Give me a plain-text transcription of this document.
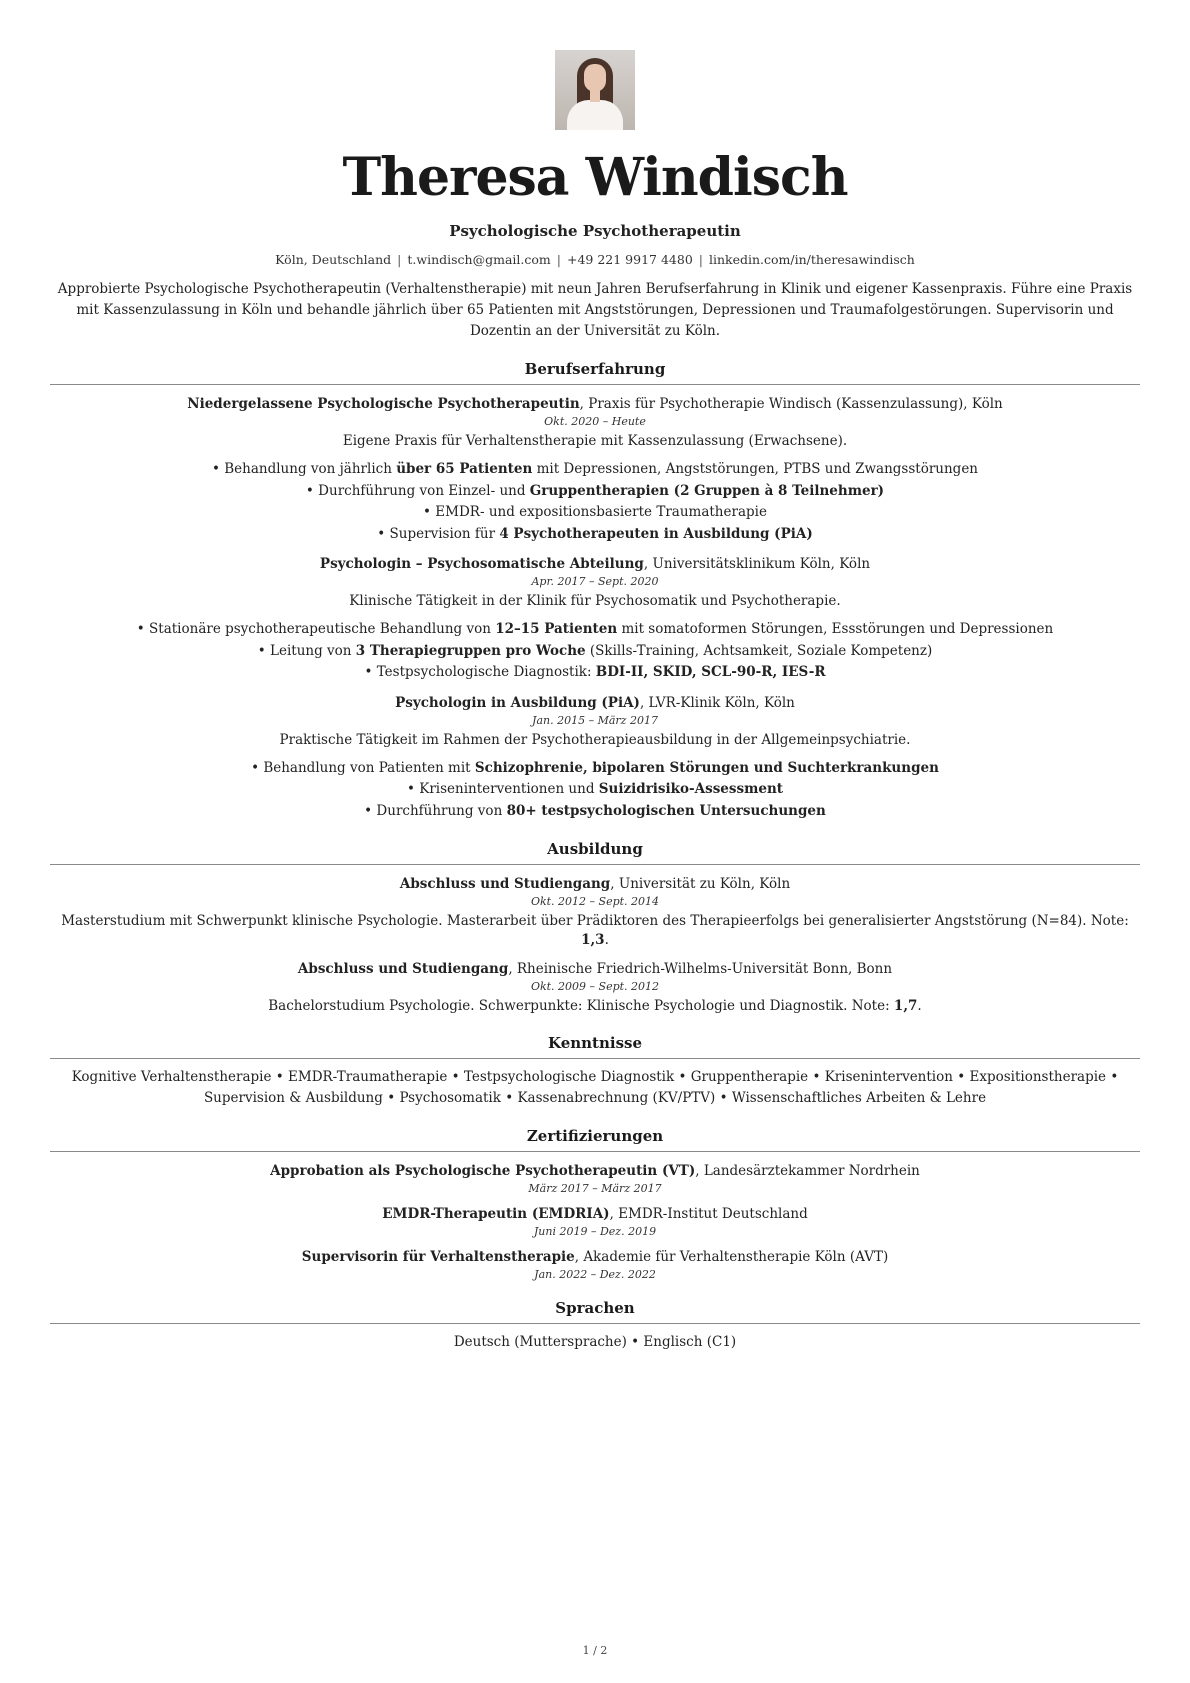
Theresa Windisch
Psychologische Psychotherapeutin
Köln, Deutschland | t.windisch@gmail.com | +49 221 9917 4480 | linkedin.com/in/theresawindisch
Approbierte Psychologische Psychotherapeutin (Verhaltenstherapie) mit neun Jahren Berufserfahrung in Klinik und eigener Kassenpraxis. Führe eine Praxis mit Kassenzulassung in Köln und behandle jährlich über 65 Patienten mit Angststörungen, Depressionen und Traumafolgestörungen. Supervisorin und Dozentin an der Universität zu Köln.
Berufserfahrung
Niedergelassene Psychologische Psychotherapeutin, Praxis für Psychotherapie Windisch (Kassenzulassung), Köln
Okt. 2020 – Heute
Eigene Praxis für Verhaltenstherapie mit Kassenzulassung (Erwachsene).
• Behandlung von jährlich über 65 Patienten mit Depressionen, Angststörungen, PTBS und Zwangsstörungen
• Durchführung von Einzel- und Gruppentherapien (2 Gruppen à 8 Teilnehmer)
• EMDR- und expositionsbasierte Traumatherapie
• Supervision für 4 Psychotherapeuten in Ausbildung (PiA)
Psychologin – Psychosomatische Abteilung, Universitätsklinikum Köln, Köln
Apr. 2017 – Sept. 2020
Klinische Tätigkeit in der Klinik für Psychosomatik und Psychotherapie.
• Stationäre psychotherapeutische Behandlung von 12–15 Patienten mit somatoformen Störungen, Essstörungen und Depressionen
• Leitung von 3 Therapiegruppen pro Woche (Skills-Training, Achtsamkeit, Soziale Kompetenz)
• Testpsychologische Diagnostik: BDI-II, SKID, SCL-90-R, IES-R
Psychologin in Ausbildung (PiA), LVR-Klinik Köln, Köln
Jan. 2015 – März 2017
Praktische Tätigkeit im Rahmen der Psychotherapieausbildung in der Allgemeinpsychiatrie.
• Behandlung von Patienten mit Schizophrenie, bipolaren Störungen und Suchterkrankungen
• Kriseninterventionen und Suizidrisiko-Assessment
• Durchführung von 80+ testpsychologischen Untersuchungen
Ausbildung
Abschluss und Studiengang, Universität zu Köln, Köln
Okt. 2012 – Sept. 2014
Masterstudium mit Schwerpunkt klinische Psychologie. Masterarbeit über Prädiktoren des Therapieerfolgs bei generalisierter Angststörung (N=84). Note: 1,3.
Abschluss und Studiengang, Rheinische Friedrich-Wilhelms-Universität Bonn, Bonn
Okt. 2009 – Sept. 2012
Bachelorstudium Psychologie. Schwerpunkte: Klinische Psychologie und Diagnostik. Note: 1,7.
Kenntnisse
Kognitive Verhaltenstherapie • EMDR-Traumatherapie • Testpsychologische Diagnostik • Gruppentherapie • Krisenintervention • Expositionstherapie • Supervision & Ausbildung • Psychosomatik • Kassenabrechnung (KV/PTV) • Wissenschaftliches Arbeiten & Lehre
Zertifizierungen
Approbation als Psychologische Psychotherapeutin (VT), Landesärztekammer Nordrhein
März 2017 – März 2017
EMDR-Therapeutin (EMDRIA), EMDR-Institut Deutschland
Juni 2019 – Dez. 2019
Supervisorin für Verhaltenstherapie, Akademie für Verhaltenstherapie Köln (AVT)
Jan. 2022 – Dez. 2022
Sprachen
Deutsch (Muttersprache) • Englisch (C1)
1 / 2
